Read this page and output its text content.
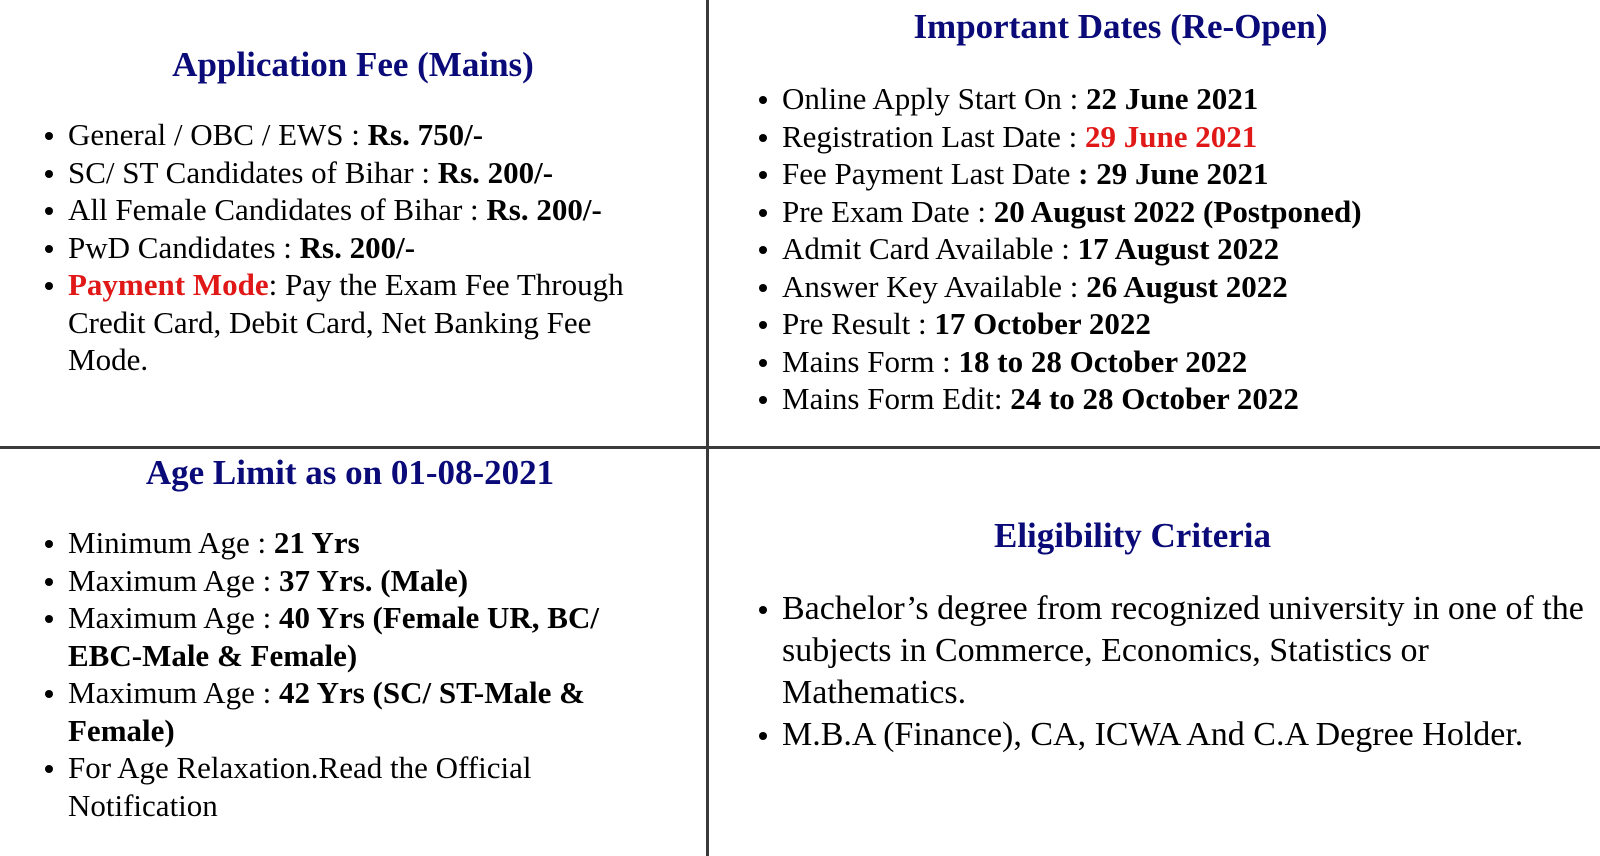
Application Fee (Mains)
General / OBC / EWS : Rs. 750/-
SC/ ST Candidates of Bihar : Rs. 200/-
All Female Candidates of Bihar : Rs. 200/-
PwD Candidates : Rs. 200/-
Payment Mode: Pay the Exam Fee Through Credit Card, Debit Card, Net Banking Fee Mode.
Important Dates (Re-Open)
Online Apply Start On : 22 June 2021
Registration Last Date : 29 June 2021
Fee Payment Last Date : 29 June 2021
Pre Exam Date : 20 August 2022 (Postponed)
Admit Card Available : 17 August 2022
Answer Key Available : 26 August 2022
Pre Result : 17 October 2022
Mains Form : 18 to 28 October 2022
Mains Form Edit: 24 to 28 October 2022
Age Limit as on 01-08-2021
Minimum Age : 21 Yrs
Maximum Age : 37 Yrs. (Male)
Maximum Age : 40 Yrs (Female UR, BC/ EBC-Male & Female)
Maximum Age : 42 Yrs (SC/ ST-Male & Female)
For Age Relaxation.Read the Official Notification
Eligibility Criteria
Bachelor’s degree from recognized university in one of the subjects in Commerce, Economics, Statistics or Mathematics.
M.B.A (Finance), CA, ICWA And C.A Degree Holder.
